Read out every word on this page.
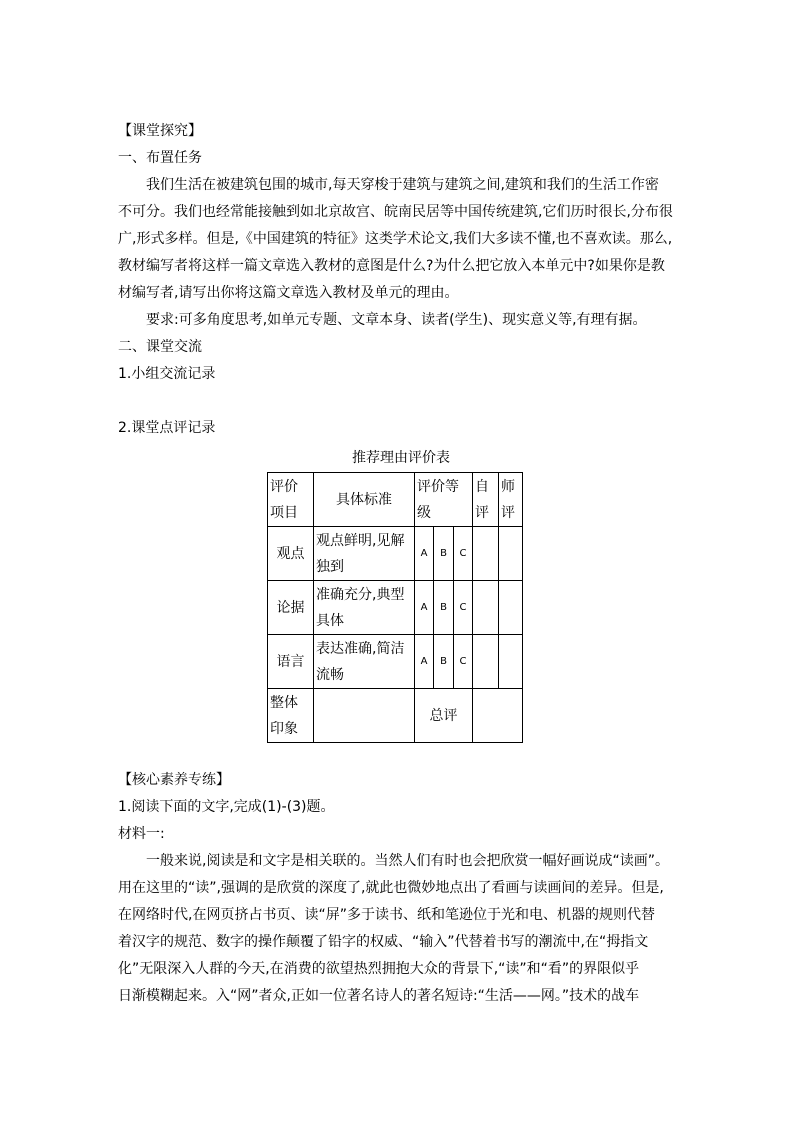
【课堂探究】
一、布置任务
我们生活在被建筑包围的城市,每天穿梭于建筑与建筑之间,建筑和我们的生活工作密
不可分。我们也经常能接触到如北京故宫、皖南民居等中国传统建筑,它们历时很长,分布很
广,形式多样。但是,《中国建筑的特征》这类学术论文,我们大多读不懂,也不喜欢读。那么,
教材编写者将这样一篇文章选入教材的意图是什么?为什么把它放入本单元中?如果你是教
材编写者,请写出你将这篇文章选入教材及单元的理由。
要求:可多角度思考,如单元专题、文章本身、读者(学生)、现实意义等,有理有据。
二、课堂交流
1.小组交流记录
2.课堂点评记录
推荐理由评价表
评价项目	具体标准	评价等级			自评	师评
观点	观点鲜明,见解独到	A	B	C		
论据	准确充分,典型具体	A	B	C		
语言	表达准确,简洁流畅	A	B	C		
整体印象		总评				
【核心素养专练】
1.阅读下面的文字,完成(1)-(3)题。
材料一:
一般来说,阅读是和文字是相关联的。当然人们有时也会把欣赏一幅好画说成“读画”。
用在这里的“读”,强调的是欣赏的深度了,就此也微妙地点出了看画与读画间的差异。但是,
在网络时代,在网页挤占书页、读“屏”多于读书、纸和笔逊位于光和电、机器的规则代替
着汉字的规范、数字的操作颠覆了铅字的权威、“输入”代替着书写的潮流中,在“拇指文
化”无限深入人群的今天,在消费的欲望热烈拥抱大众的背景下,“读”和“看”的界限似乎
日渐模糊起来。入“网”者众,正如一位著名诗人的著名短诗:“生活——网。”技术的战车
